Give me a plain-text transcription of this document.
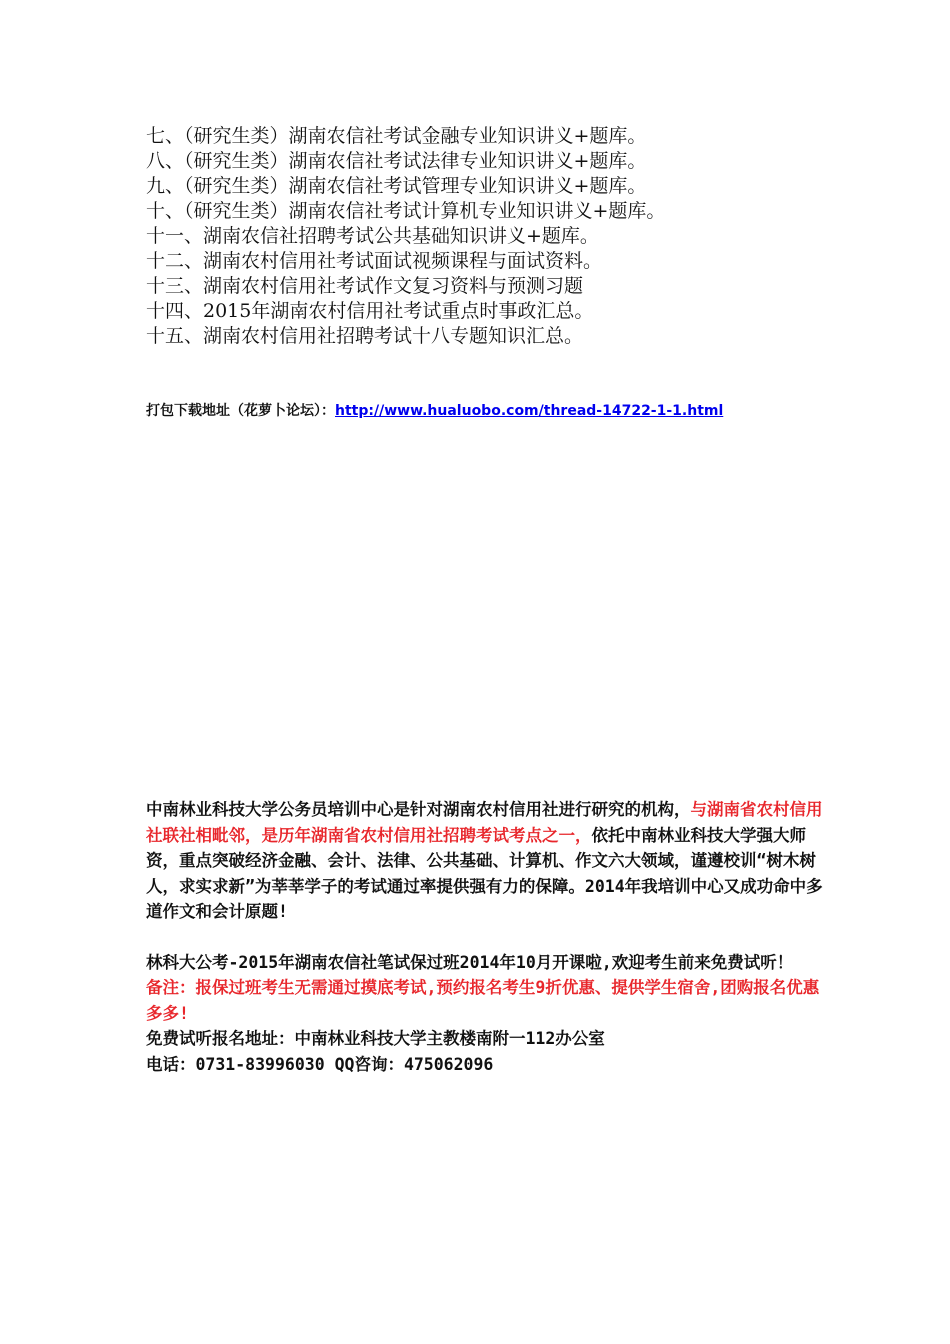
七、（研究生类）湖南农信社考试金融专业知识讲义+题库。
八、（研究生类）湖南农信社考试法律专业知识讲义+题库。
九、（研究生类）湖南农信社考试管理专业知识讲义+题库。
十、（研究生类）湖南农信社考试计算机专业知识讲义+题库。
十一、湖南农信社招聘考试公共基础知识讲义+题库。
十二、湖南农村信用社考试面试视频课程与面试资料。
十三、湖南农村信用社考试作文复习资料与预测习题
十四、2015年湖南农村信用社考试重点时事政汇总。
十五、湖南农村信用社招聘考试十八专题知识汇总。
打包下载地址（花萝卜论坛）：http://www.hualuobo.com/thread-14722-1-1.html

中南林业科技大学公务员培训中心是针对湖南农村信用社进行研究的机构，与湖南省农村信用社联社相毗邻，是历年湖南省农村信用社招聘考试考点之一，依托中南林业科技大学强大师资，重点突破经济金融、会计、法律、公共基础、计算机、作文六大领域，谨遵校训“树木树人，求实求新”为莘莘学子的考试通过率提供强有力的保障。2014年我培训中心又成功命中多道作文和会计原题!

林科大公考-2015年湖南农信社笔试保过班2014年10月开课啦,欢迎考生前来免费试听！

备注：报保过班考生无需通过摸底考试,预约报名考生9折优惠、提供学生宿舍,团购报名优惠多多!

免费试听报名地址：中南林业科技大学主教楼南附一112办公室

电话：0731-83996030 QQ咨询：475062096
